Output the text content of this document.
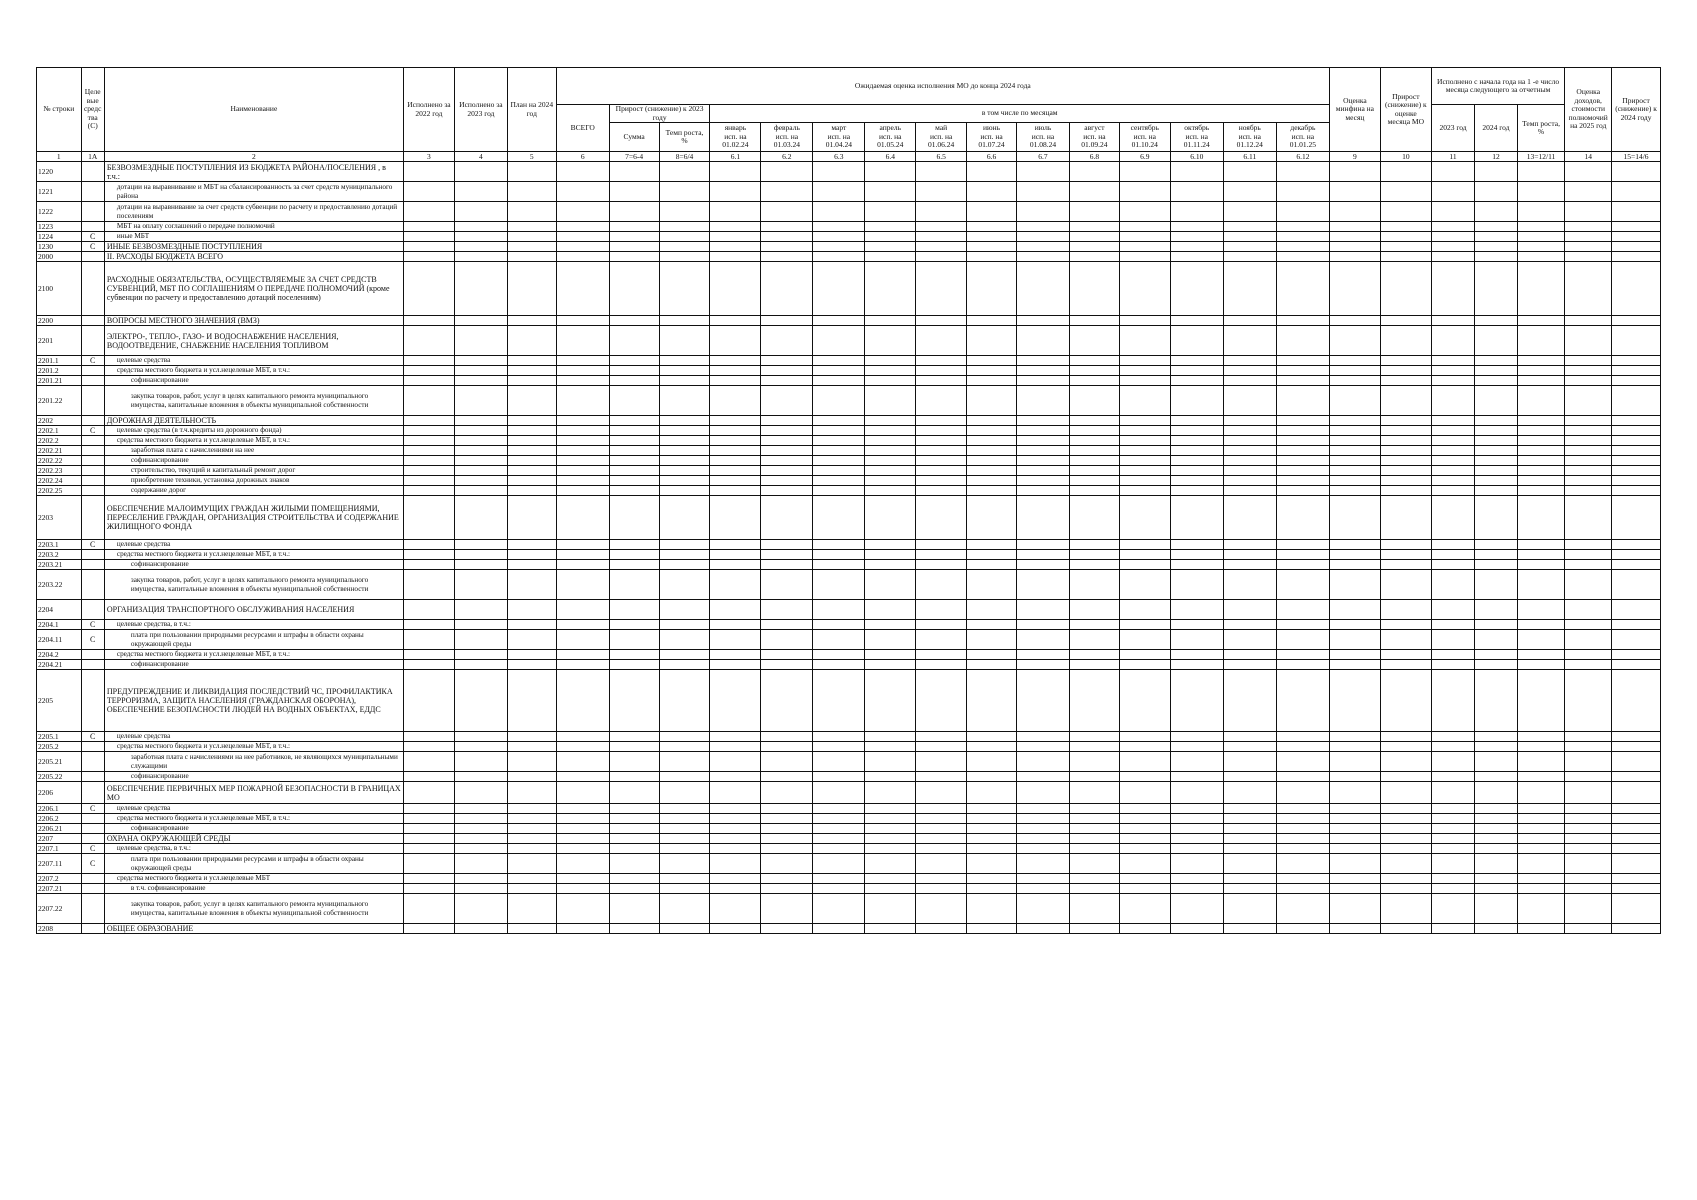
№ строки	Целе вые средс тва (С)	Наименование	Исполнено за 2022 год	Исполнено за 2023 год	План на 2024 год	Ожидаемая оценка исполнения МО до конца 2024 года															Оценка минфина на месяц	Прирост (снижение) к оценке месяца МО	Исполнено с начала года на 1 -е число месяца следующего за отчетным			Оценка доходов, стоимости полномочий на 2025 год	Прирост (снижение) к 2024 году
						ВСЕГО	Прирост (снижение) к 2023 году		в том числе по месяцам														2023 год	2024 год	Темп роста, %		
							Сумма	Темп роста, %	январь
исп. на
01.02.24	февраль
исп. на
01.03.24	март
исп. на
01.04.24	апрель
исп. на
01.05.24	май
исп. на
01.06.24	июнь
исп. на
01.07.24	июль
исп. на
01.08.24	август
исп. на
01.09.24	сентябрь
исп. на
01.10.24	октябрь
исп. на
01.11.24	ноябрь
исп. на
01.12.24	декабрь
исп. на
01.01.25							
1	1А	2	3	4	5	6	7=6-4	8=6/4	6.1	6.2	6.3	6.4	6.5	6.6	6.7	6.8	6.9	6.10	6.11	6.12	9	10	11	12	13=12/11	14	15=14/6
1220		БЕЗВОЗМЕЗДНЫЕ ПОСТУПЛЕНИЯ ИЗ БЮДЖЕТА РАЙОНА/ПОСЕЛЕНИЯ , в т.ч.:																									
1221		дотации на выравнивание и МБТ на сбалансированность за счет средств муниципального района																									
1222		дотации на выравнивание за счет средств субвенции по расчету и предоставлению дотаций поселениям																									
1223		МБТ на оплату соглашений о передаче полномочий																									
1224	С	иные МБТ																									
1230	С	ИНЫЕ БЕЗВОЗМЕЗДНЫЕ ПОСТУПЛЕНИЯ																									
2000		II. РАСХОДЫ БЮДЖЕТА ВСЕГО																									
2100		РАСХОДНЫЕ ОБЯЗАТЕЛЬСТВА, ОСУЩЕСТВЛЯЕМЫЕ ЗА СЧЕТ СРЕДСТВ СУБВЕНЦИЙ, МБТ ПО СОГЛАШЕНИЯМ О ПЕРЕДАЧЕ ПОЛНОМОЧИЙ (кроме субвенции по расчету и предоставлению дотаций поселениям)																									
2200		ВОПРОСЫ МЕСТНОГО ЗНАЧЕНИЯ (ВМЗ)																									
2201		ЭЛЕКТРО-, ТЕПЛО-, ГАЗО- И ВОДОСНАБЖЕНИЕ НАСЕЛЕНИЯ, ВОДООТВЕДЕНИЕ, СНАБЖЕНИЕ НАСЕЛЕНИЯ ТОПЛИВОМ																									
2201.1	С	целевые средства																									
2201.2		средства местного бюджета и усл.нецелевые МБТ, в т.ч.:																									
2201.21		софинансирование																									
2201.22		закупка товаров, работ, услуг в целях капитального ремонта муниципального имущества, капитальные вложения в объекты муниципальной собственности																									
2202		ДОРОЖНАЯ ДЕЯТЕЛЬНОСТЬ																									
2202.1	С	целевые средства (в т.ч.кредиты из дорожного фонда)																									
2202.2		средства местного бюджета и усл.нецелевые МБТ, в т.ч.:																									
2202.21		заработная плата с начислениями на нее																									
2202.22		софинансирование																									
2202.23		строительство, текущий и капитальный ремонт дорог																									
2202.24		приобретение техники, установка дорожных знаков																									
2202.25		содержание дорог																									
2203		ОБЕСПЕЧЕНИЕ МАЛОИМУЩИХ ГРАЖДАН ЖИЛЫМИ ПОМЕЩЕНИЯМИ, ПЕРЕСЕЛЕНИЕ ГРАЖДАН, ОРГАНИЗАЦИЯ СТРОИТЕЛЬСТВА И СОДЕРЖАНИЕ ЖИЛИЩНОГО ФОНДА																									
2203.1	С	целевые средства																									
2203.2		средства местного бюджета и усл.нецелевые МБТ, в т.ч.:																									
2203.21		софинансирование																									
2203.22		закупка товаров, работ, услуг в целях капитального ремонта муниципального имущества, капитальные вложения в объекты муниципальной собственности																									
2204		ОРГАНИЗАЦИЯ ТРАНСПОРТНОГО ОБСЛУЖИВАНИЯ НАСЕЛЕНИЯ																									
2204.1	С	целевые средства, в т.ч.:																									
2204.11	С	плата при пользовании природными ресурсами и штрафы в области охраны окружающей среды																									
2204.2		средства местного бюджета и усл.нецелевые МБТ, в т.ч.:																									
2204.21		софинансирование																									
2205		ПРЕДУПРЕЖДЕНИЕ И ЛИКВИДАЦИЯ ПОСЛЕДСТВИЙ ЧС, ПРОФИЛАКТИКА ТЕРРОРИЗМА, ЗАЩИТА НАСЕЛЕНИЯ (ГРАЖДАНСКАЯ ОБОРОНА), ОБЕСПЕЧЕНИЕ БЕЗОПАСНОСТИ ЛЮДЕЙ НА ВОДНЫХ ОБЪЕКТАХ, ЕДДС																									
2205.1	С	целевые средства																									
2205.2		средства местного бюджета и усл.нецелевые МБТ, в т.ч.:																									
2205.21		заработная плата с начислениями на нее работников, не являющихся муниципальными служащими																									
2205.22		софинансирование																									
2206		ОБЕСПЕЧЕНИЕ ПЕРВИЧНЫХ МЕР ПОЖАРНОЙ БЕЗОПАСНОСТИ В ГРАНИЦАХ МО																									
2206.1	С	целевые средства																									
2206.2		средства местного бюджета и усл.нецелевые МБТ, в т.ч.:																									
2206.21		софинансирование																									
2207		ОХРАНА ОКРУЖАЮЩЕЙ СРЕДЫ																									
2207.1	С	целевые средства, в т.ч.:																									
2207.11	С	плата при пользовании природными ресурсами и штрафы в области охраны окружающей среды																									
2207.2		средства местного бюджета и усл.нецелевые МБТ																									
2207.21		в т.ч. софинансирование																									
2207.22		закупка товаров, работ, услуг в целях капитального ремонта муниципального имущества, капитальные вложения в объекты муниципальной собственности																									
2208		ОБЩЕЕ ОБРАЗОВАНИЕ																									
